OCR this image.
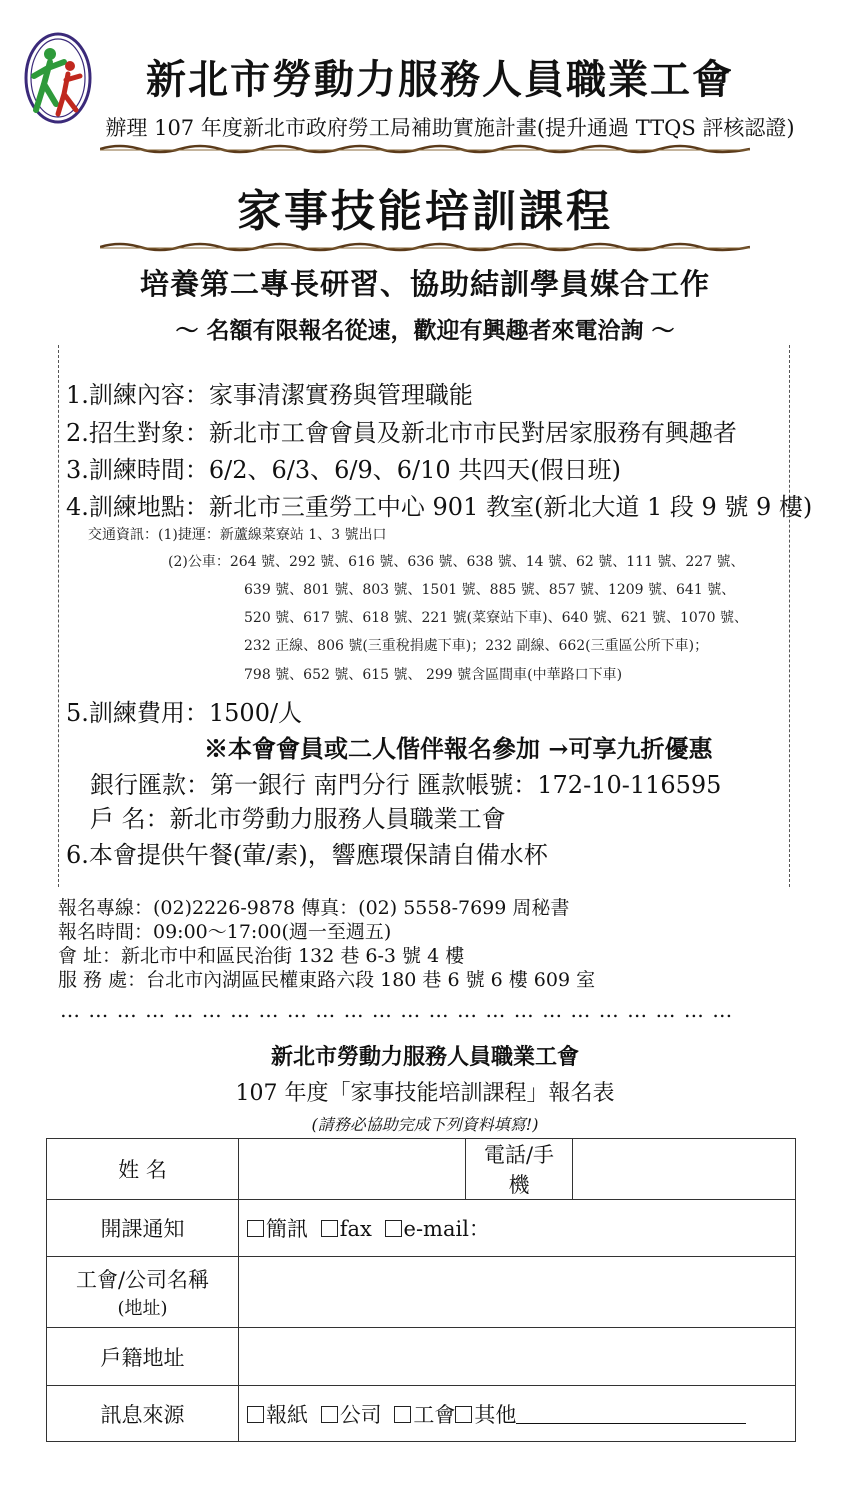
新北市勞動力服務人員職業工會
辦理 107 年度新北市政府勞工局補助實施計畫(提升通過 TTQS 評核認證)
家事技能培訓課程
培養第二專長研習、協助結訓學員媒合工作
～ 名額有限報名從速，歡迎有興趣者來電洽詢 ～
1.訓練內容：家事清潔實務與管理職能
2.招生對象：新北市工會會員及新北市市民對居家服務有興趣者
3.訓練時間：6/2、6/3、6/9、6/10 共四天(假日班)
4.訓練地點：新北市三重勞工中心 901 教室(新北大道 1 段 9 號 9 樓)
交通資訊：(1)捷運：新蘆線菜寮站 1、3 號出口
(2)公車：264 號、292 號、616 號、636 號、638 號、14 號、62 號、111 號、227 號、
639 號、801 號、803 號、1501 號、885 號、857 號、1209 號、641 號、
520 號、617 號、618 號、221 號(菜寮站下車)、640 號、621 號、1070 號、
232 正線、806 號(三重稅捐處下車)；232 副線、662(三重區公所下車)；
798 號、652 號、615 號、 299 號含區間車(中華路口下車)
5.訓練費用：1500/人
※本會會員或二人偕伴報名參加 →可享九折優惠
銀行匯款：第一銀行 南門分行 匯款帳號：172-10-116595
戶 名：新北市勞動力服務人員職業工會
6.本會提供午餐(葷/素)，響應環保請自備水杯
報名專線：(02)2226-9878 傳真：(02) 5558-7699 周秘書
報名時間：09:00～17:00(週一至週五)
會 址：新北市中和區民治街 132 巷 6-3 號 4 樓
服 務 處：台北市內湖區民權東路六段 180 巷 6 號 6 樓 609 室
… … … … … … … … … … … … … … … … … … … … … … … …
新北市勞動力服務人員職業工會
107 年度「家事技能培訓課程」報名表
(請務必協助完成下列資料填寫!)
姓 名		電話/手機	
開課通知	簡訊 fax e-mail：		

工會/公司名稱
(地址)			

戶籍地址			
訊息來源	報紙 公司 工會 其他		
